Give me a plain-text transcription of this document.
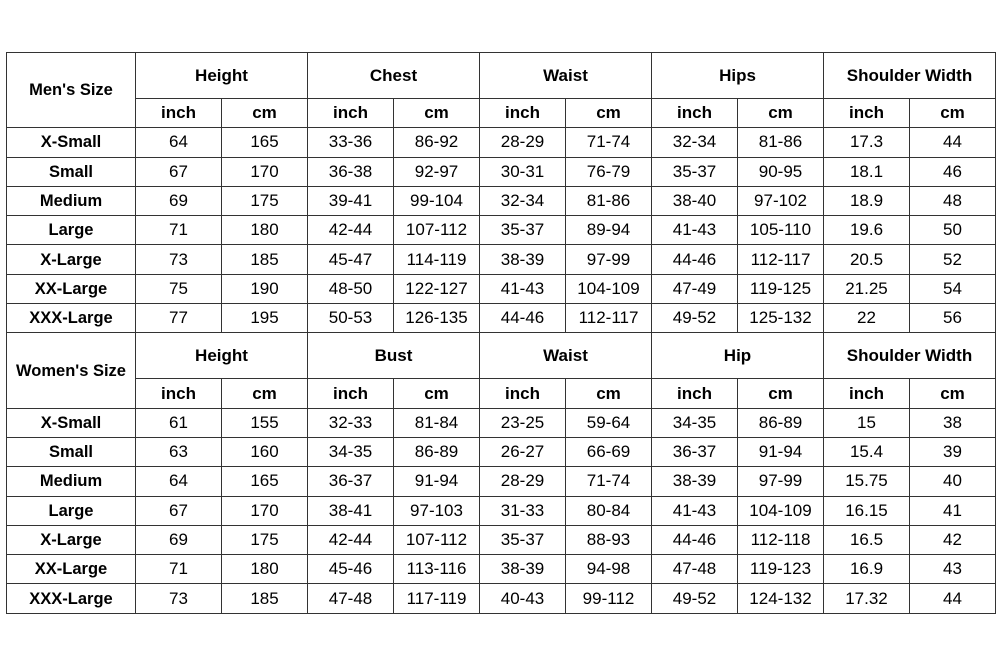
Men's Size	Height		Chest		Waist		Hips		Shoulder Width	
	inch	cm	inch	cm	inch	cm	inch	cm	inch	cm
X-Small	64	165	33-36	86-92	28-29	71-74	32-34	81-86	17.3	44
Small	67	170	36-38	92-97	30-31	76-79	35-37	90-95	18.1	46
Medium	69	175	39-41	99-104	32-34	81-86	38-40	97-102	18.9	48
Large	71	180	42-44	107-112	35-37	89-94	41-43	105-110	19.6	50
X-Large	73	185	45-47	114-119	38-39	97-99	44-46	112-117	20.5	52
XX-Large	75	190	48-50	122-127	41-43	104-109	47-49	119-125	21.25	54
XXX-Large	77	195	50-53	126-135	44-46	112-117	49-52	125-132	22	56
Women's Size	Height		Bust		Waist		Hip		Shoulder Width	
	inch	cm	inch	cm	inch	cm	inch	cm	inch	cm
X-Small	61	155	32-33	81-84	23-25	59-64	34-35	86-89	15	38
Small	63	160	34-35	86-89	26-27	66-69	36-37	91-94	15.4	39
Medium	64	165	36-37	91-94	28-29	71-74	38-39	97-99	15.75	40
Large	67	170	38-41	97-103	31-33	80-84	41-43	104-109	16.15	41
X-Large	69	175	42-44	107-112	35-37	88-93	44-46	112-118	16.5	42
XX-Large	71	180	45-46	113-116	38-39	94-98	47-48	119-123	16.9	43
XXX-Large	73	185	47-48	117-119	40-43	99-112	49-52	124-132	17.32	44
